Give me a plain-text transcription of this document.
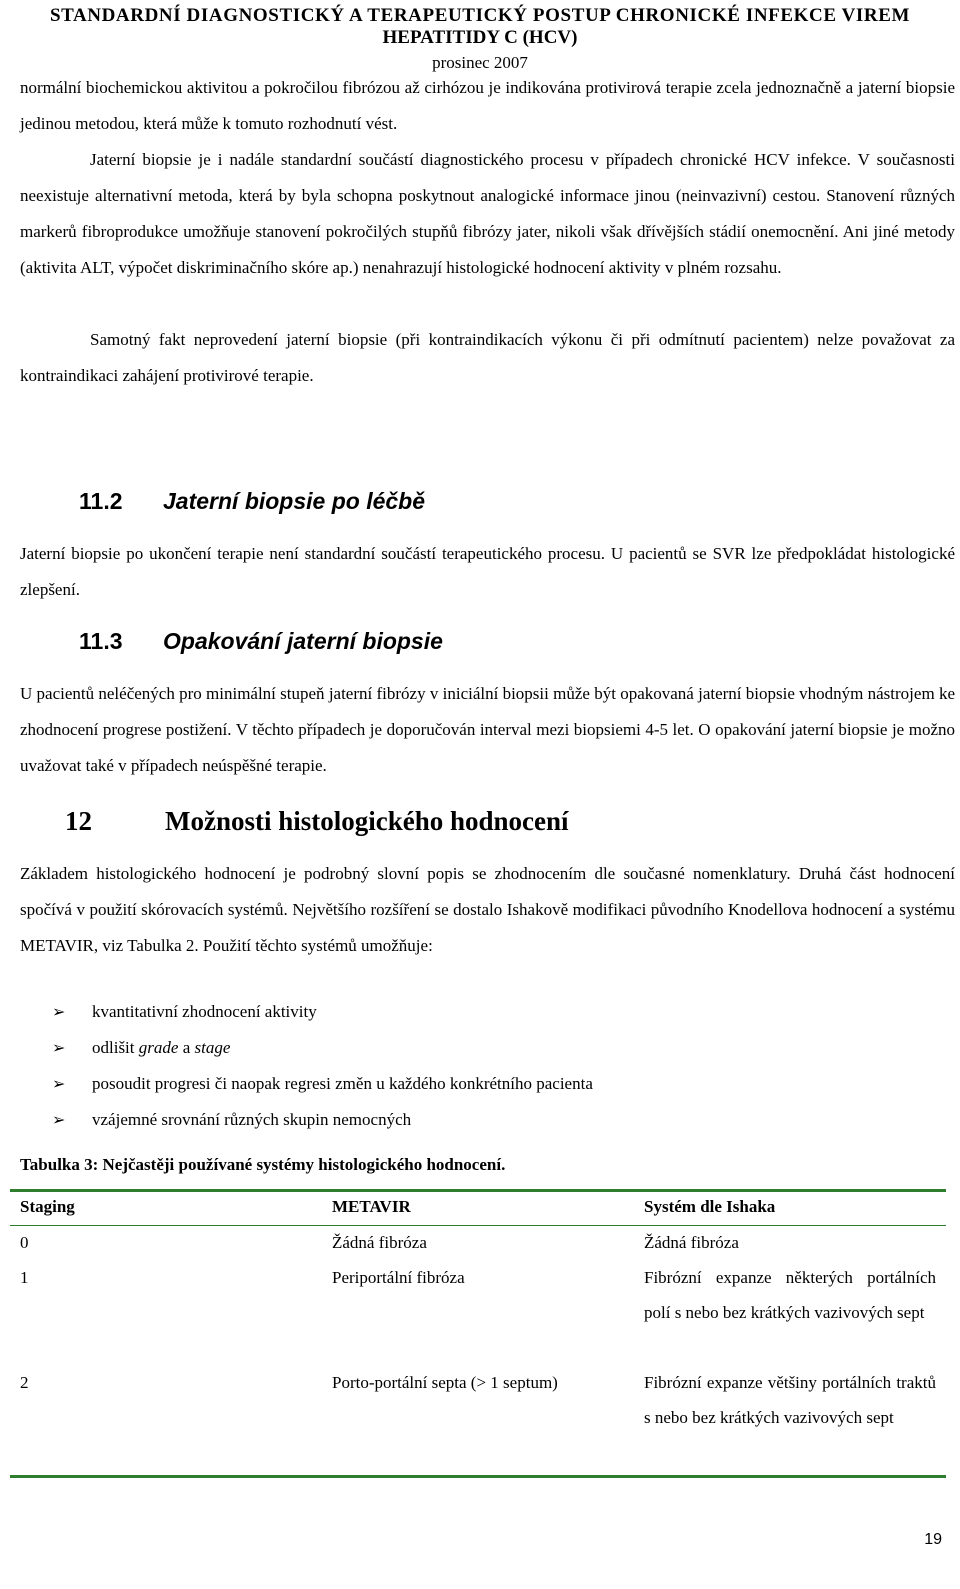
STANDARDNÍ DIAGNOSTICKÝ A TERAPEUTICKÝ POSTUP CHRONICKÉ INFEKCE VIREM
HEPATITIDY C (HCV)
prosinec 2007
normální biochemickou aktivitou a pokročilou fibrózou až cirhózou je indikována protivirová terapie zcela jednoznačně a jaterní biopsie jedinou metodou, která může k tomuto rozhodnutí vést.
Jaterní biopsie je i nadále standardní součástí diagnostického procesu v případech chronické HCV infekce. V současnosti neexistuje alternativní metoda, která by byla schopna poskytnout analogické informace jinou (neinvazivní) cestou. Stanovení různých markerů fibroprodukce umožňuje stanovení pokročilých stupňů fibrózy jater, nikoli však dřívějších stádií onemocnění. Ani jiné metody (aktivita ALT, výpočet diskriminačního skóre ap.) nenahrazují histologické hodnocení aktivity v plném rozsahu.
Samotný fakt neprovedení jaterní biopsie (při kontraindikacích výkonu či při odmítnutí pacientem) nelze považovat za kontraindikaci zahájení protivirové terapie.
11.2 Jaterní biopsie po léčbě
Jaterní biopsie po ukončení terapie není standardní součástí terapeutického procesu. U pacientů se SVR lze předpokládat histologické zlepšení.
11.3 Opakování jaterní biopsie
U pacientů neléčených pro minimální stupeň jaterní fibrózy v iniciální biopsii může být opakovaná jaterní biopsie vhodným nástrojem ke zhodnocení progrese postižení. V těchto případech je doporučován interval mezi biopsiemi 4-5 let. O opakování jaterní biopsie je možno uvažovat také v případech neúspěšné terapie.
12	Možnosti histologického hodnocení
Základem histologického hodnocení je podrobný slovní popis se zhodnocením dle současné nomenklatury. Druhá část hodnocení spočívá v použití skórovacích systémů. Největšího rozšíření se dostalo Ishakově modifikaci původního Knodellova hodnocení a systému METAVIR, viz Tabulka 2. Použití těchto systémů umožňuje:
➢ kvantitativní zhodnocení aktivity
➢ odlišit grade a stage
➢ posoudit progresi či naopak regresi změn u každého konkrétního pacienta
➢ vzájemné srovnání různých skupin nemocných
Tabulka 3: Nejčastěji používané systémy histologického hodnocení.
Staging	METAVIR	Systém dle Ishaka
0	Žádná fibróza	Žádná fibróza
1	Periportální fibróza	Fibrózní expanze některých portálních polí s nebo bez krátkých vazivových sept
2	Porto-portální septa (> 1 septum)	Fibrózní expanze většiny portálních traktů s nebo bez krátkých vazivových sept
19
